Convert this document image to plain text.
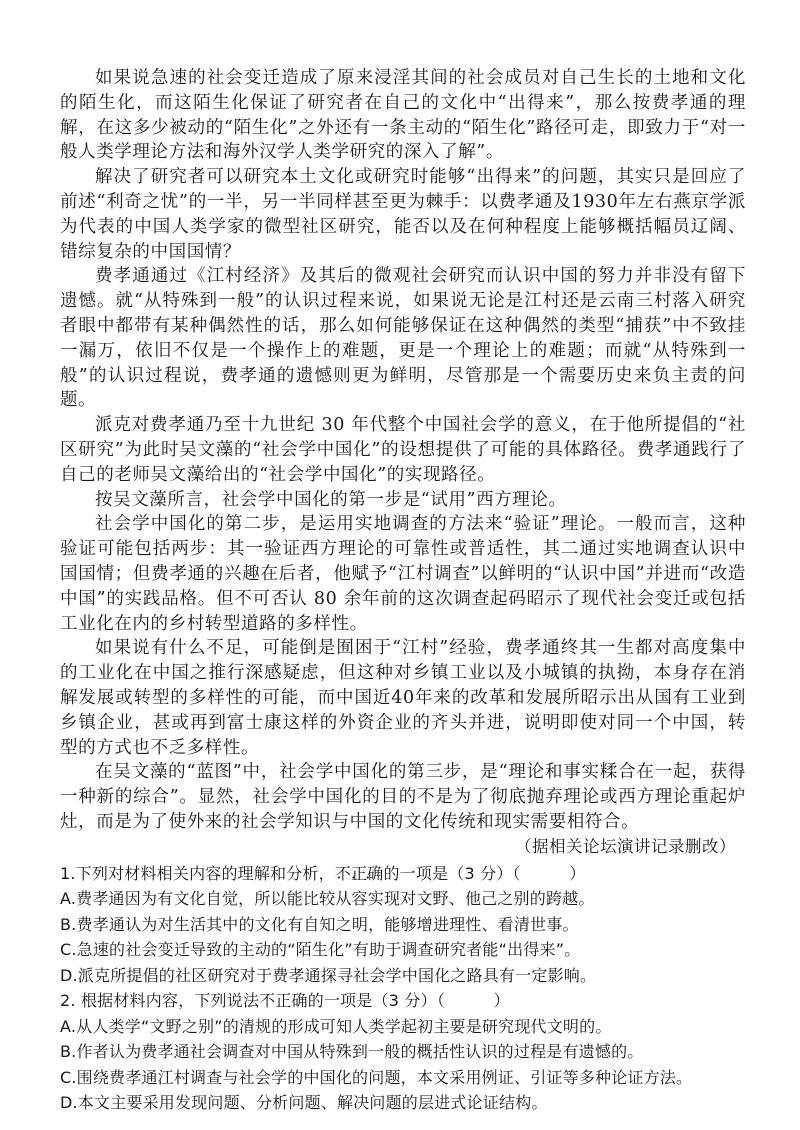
如果说急速的社会变迁造成了原来浸淫其间的社会成员对自己生长的土地和文化的陌生化，而这陌生化保证了研究者在自己的文化中“出得来”，那么按费孝通的理解，在这多少被动的“陌生化”之外还有一条主动的“陌生化”路径可走，即致力于“对一般人类学理论方法和海外汉学人类学研究的深入了解”。

解决了研究者可以研究本土文化或研究时能够“出得来”的问题，其实只是回应了前述“利奇之忧”的一半，另一半同样甚至更为棘手：以费孝通及1930年左右燕京学派为代表的中国人类学家的微型社区研究，能否以及在何种程度上能够概括幅员辽阔、错综复杂的中国国情？

费孝通通过《江村经济》及其后的微观社会研究而认识中国的努力并非没有留下遗憾。就“从特殊到一般”的认识过程来说，如果说无论是江村还是云南三村落入研究者眼中都带有某种偶然性的话，那么如何能够保证在这种偶然的类型“捕获”中不致挂一漏万，依旧不仅是一个操作上的难题，更是一个理论上的难题；而就“从特殊到一般”的认识过程说，费孝通的遗憾则更为鲜明，尽管那是一个需要历史来负主责的问题。

派克对费孝通乃至十九世纪 30 年代整个中国社会学的意义，在于他所提倡的“社区研究”为此时吴文藻的“社会学中国化”的设想提供了可能的具体路径。费孝通践行了自己的老师吴文藻给出的“社会学中国化”的实现路径。

按吴文藻所言，社会学中国化的第一步是“试用”西方理论。

社会学中国化的第二步，是运用实地调查的方法来“验证”理论。一般而言，这种验证可能包括两步：其一验证西方理论的可靠性或普适性，其二通过实地调查认识中国国情；但费孝通的兴趣在后者，他赋予“江村调查”以鲜明的“认识中国”并进而“改造中国”的实践品格。但不可否认 80 余年前的这次调查起码昭示了现代社会变迁或包括工业化在内的乡村转型道路的多样性。

如果说有什么不足，可能倒是囿困于“江村”经验，费孝通终其一生都对高度集中的工业化在中国之推行深感疑虑，但这种对乡镇工业以及小城镇的执拗，本身存在消解发展或转型的多样性的可能，而中国近40年来的改革和发展所昭示出从国有工业到乡镇企业，甚或再到富士康这样的外资企业的齐头并进，说明即使对同一个中国，转型的方式也不乏多样性。

在吴文藻的“蓝图”中，社会学中国化的第三步，是“理论和事实糅合在一起，获得一种新的综合”。显然，社会学中国化的目的不是为了彻底抛弃理论或西方理论重起炉灶，而是为了使外来的社会学知识与中国的文化传统和现实需要相符合。

（据相关论坛演讲记录删改）

1.下列对材料相关内容的理解和分析，不正确 • • •的一项是（3 分）（　　　）

A.费孝通因为有文化自觉，所以能比较从容实现对文野、他己之别的跨越。

B.费孝通认为对生活其中的文化有自知之明，能够增进理性、看清世事。

C.急速的社会变迁导致的主动的“陌生化”有助于调查研究者能“出得来”。

D.派克所提倡的社区研究对于费孝通探寻社会学中国化之路具有一定影响。

2. 根据材料内容，下列说法不正确的一项是（3 分）（　　　）

A.从人类学“文野之别”的清规的形成可知人类学起初主要是研究现代文明的。

B.作者认为费孝通社会调查对中国从特殊到一般的概括性认识的过程是有遗憾的。

C.围绕费孝通江村调查与社会学的中国化的问题，本文采用例证、引证等多种论证方法。

D.本文主要采用发现问题、分析问题、解决问题的层进式论证结构。
